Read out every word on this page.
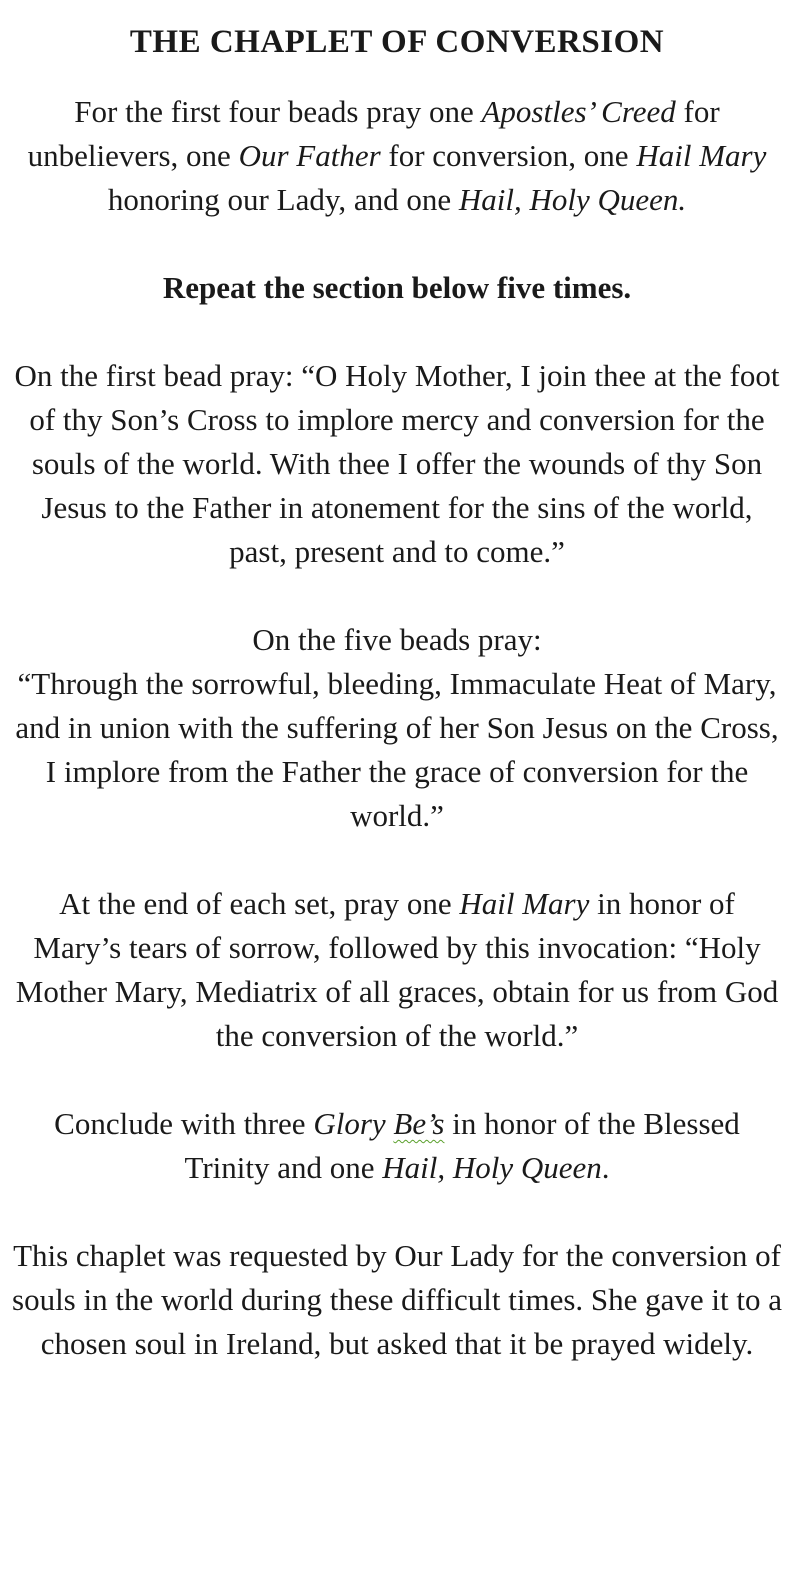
THE CHAPLET OF CONVERSION

For the first four beads pray one Apostles’ Creed for unbelievers, one Our Father for conversion, one Hail Mary honoring our Lady, and one Hail, Holy Queen.

Repeat the section below five times.

On the first bead pray: “O Holy Mother, I join thee at the foot of thy Son’s Cross to implore mercy and conversion for the souls of the world. With thee I offer the wounds of thy Son Jesus to the Father in atonement for the sins of the world, past, present and to come.”

On the five beads pray:
“Through the sorrowful, bleeding, Immaculate Heat of Mary, and in union with the suffering of her Son Jesus on the Cross, I implore from the Father the grace of conversion for the world.”

At the end of each set, pray one Hail Mary in honor of Mary’s tears of sorrow, followed by this invocation: “Holy Mother Mary, Mediatrix of all graces, obtain for us from God the conversion of the world.”

Conclude with three Glory Be’s in honor of the Blessed Trinity and one Hail, Holy Queen.

This chaplet was requested by Our Lady for the conversion of souls in the world during these difficult times. She gave it to a chosen soul in Ireland, but asked that it be prayed widely.
